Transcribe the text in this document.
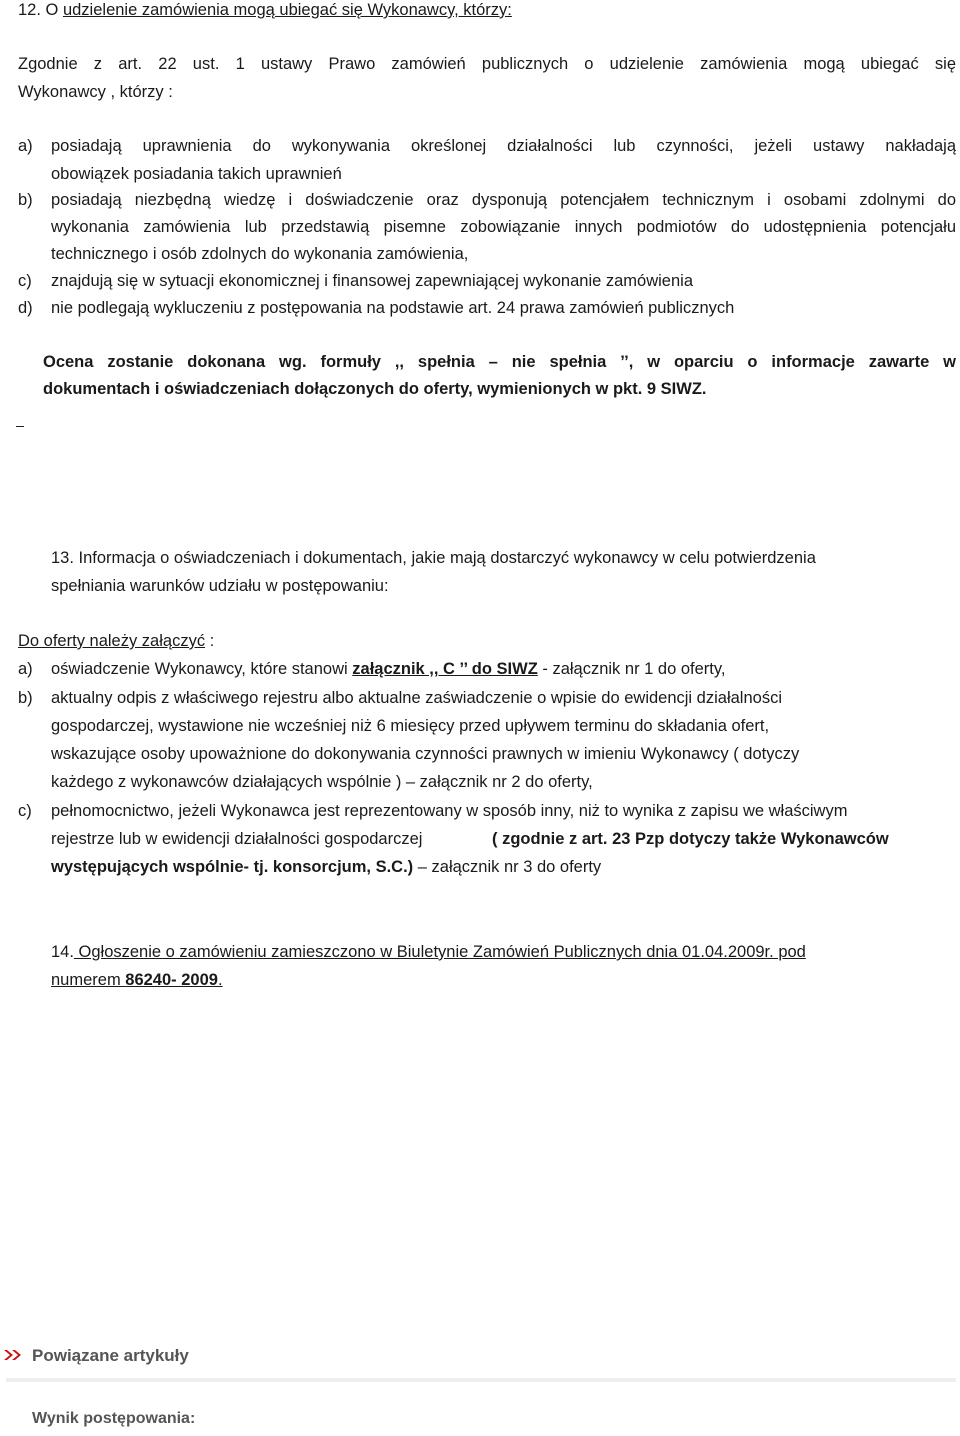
12. O udzielenie zamówienia mogą ubiegać się Wykonawcy, którzy:
Zgodnie z art. 22 ust. 1 ustawy Prawo zamówień publicznych o udzielenie zamówienia mogą ubiegać się
Wykonawcy , którzy :
a) posiadają uprawnienia do wykonywania określonej działalności lub czynności, jeżeli ustawy nakładają
obowiązek posiadania takich uprawnień
b) posiadają niezbędną wiedzę i doświadczenie oraz dysponują potencjałem technicznym i osobami zdolnymi do
wykonania zamówienia lub przedstawią pisemne zobowiązanie innych podmiotów do udostępnienia potencjału
technicznego i osób zdolnych do wykonania zamówienia,
c) znajdują się w sytuacji ekonomicznej i finansowej zapewniającej wykonanie zamówienia
d) nie podlegają wykluczeniu z postępowania na podstawie art. 24 prawa zamówień publicznych
Ocena zostanie dokonana wg. formuły ,, spełnia – nie spełnia ’’, w oparciu o informacje zawarte w
dokumentach i oświadczeniach dołączonych do oferty, wymienionych w pkt. 9 SIWZ.
13. Informacja o oświadczeniach i dokumentach, jakie mają dostarczyć wykonawcy w celu potwierdzenia
spełniania warunków udziału w postępowaniu:
Do oferty należy załączyć :
a) oświadczenie Wykonawcy, które stanowi załącznik ,, C ’’ do SIWZ - załącznik nr 1 do oferty,
b) aktualny odpis z właściwego rejestru albo aktualne zaświadczenie o wpisie do ewidencji działalności
gospodarczej, wystawione nie wcześniej niż 6 miesięcy przed upływem terminu do składania ofert,
wskazujące osoby upoważnione do dokonywania czynności prawnych w imieniu Wykonawcy ( dotyczy
każdego z wykonawców działających wspólnie ) – załącznik nr 2 do oferty,
c) pełnomocnictwo, jeżeli Wykonawca jest reprezentowany w sposób inny, niż to wynika z zapisu we właściwym
rejestrze lub w ewidencji działalności gospodarczej	( zgodnie z art. 23 Pzp dotyczy także Wykonawców
występujących wspólnie- tj. konsorcjum, S.C.) – załącznik nr 3 do oferty
14. Ogłoszenie o zamówieniu zamieszczono w Biuletynie Zamówień Publicznych dnia 01.04.2009r. pod
numerem 86240- 2009.
Powiązane artykuły
Wynik postępowania:
